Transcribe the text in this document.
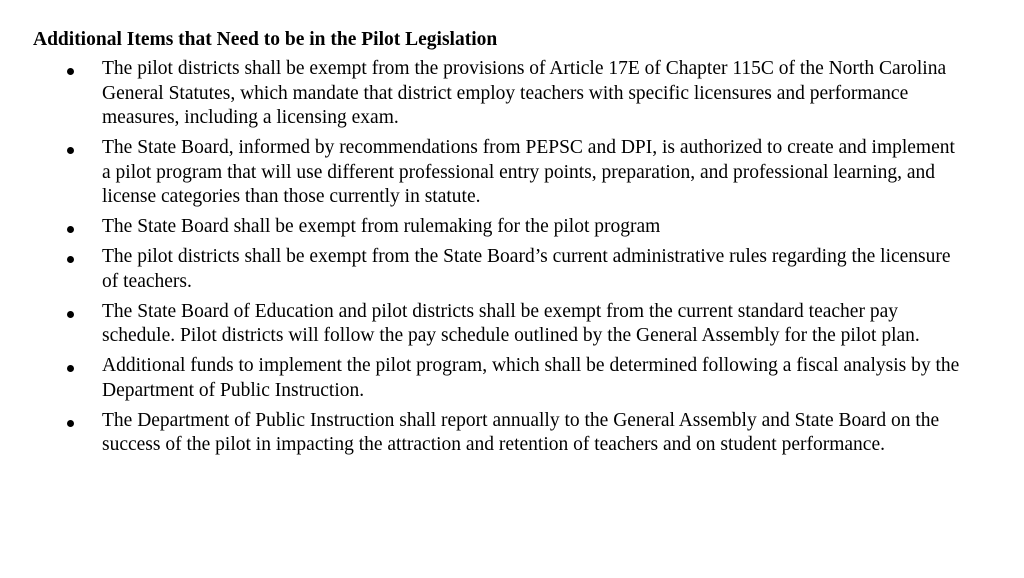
Additional Items that Need to be in the Pilot Legislation
The pilot districts shall be exempt from the provisions of Article 17E of Chapter 115C of the North Carolina General Statutes, which mandate that district employ teachers with specific licensures and performance measures, including a licensing exam.
The State Board, informed by recommendations from PEPSC and DPI, is authorized to create and implement a pilot program that will use different professional entry points, preparation, and professional learning, and license categories than those currently in statute.
The State Board shall be exempt from rulemaking for the pilot program
The pilot districts shall be exempt from the State Board’s current administrative rules regarding the licensure of teachers.
The State Board of Education and pilot districts shall be exempt from the current standard teacher pay schedule. Pilot districts will follow the pay schedule outlined by the General Assembly for the pilot plan.
Additional funds to implement the pilot program, which shall be determined following a fiscal analysis by the Department of Public Instruction.
The Department of Public Instruction shall report annually to the General Assembly and State Board on the success of the pilot in impacting the attraction and retention of teachers and on student performance.
